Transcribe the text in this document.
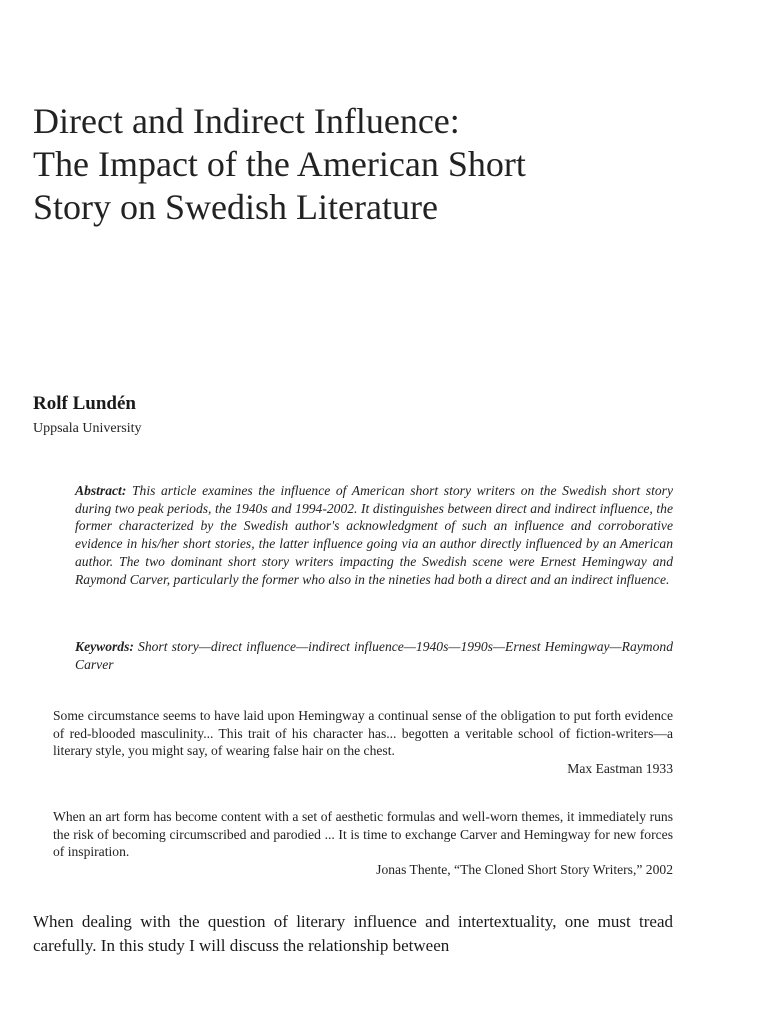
Direct and Indirect Influence:
The Impact of the American Short
Story on Swedish Literature
Rolf Lundén
Uppsala University

Abstract: This article examines the influence of American short story writers on the Swedish short story during two peak periods, the 1940s and 1994-2002. It distinguishes between direct and indirect influence, the former characterized by the Swedish author's acknowledgment of such an influence and corroborative evidence in his/her short stories, the latter influence going via an author directly influenced by an American author. The two dominant short story writers impacting the Swedish scene were Ernest Hemingway and Raymond Carver, particularly the former who also in the nineties had both a direct and an indirect influence.

Keywords: Short story—direct influence—indirect influence—1940s—1990s—Ernest Hemingway—Raymond Carver

Some circumstance seems to have laid upon Hemingway a continual sense of the obligation to put forth evidence of red-blooded masculinity... This trait of his character has... begotten a veritable school of fiction-writers—a literary style, you might say, of wearing false hair on the chest.
Max Eastman 1933
When an art form has become content with a set of aesthetic formulas and well-worn themes, it immediately runs the risk of becoming circumscribed and parodied ... It is time to exchange Carver and Hemingway for new forces of inspiration.
Jonas Thente, “The Cloned Short Story Writers,” 2002

When dealing with the question of literary influence and intertextuality, one must tread carefully. In this study I will discuss the relationship between
